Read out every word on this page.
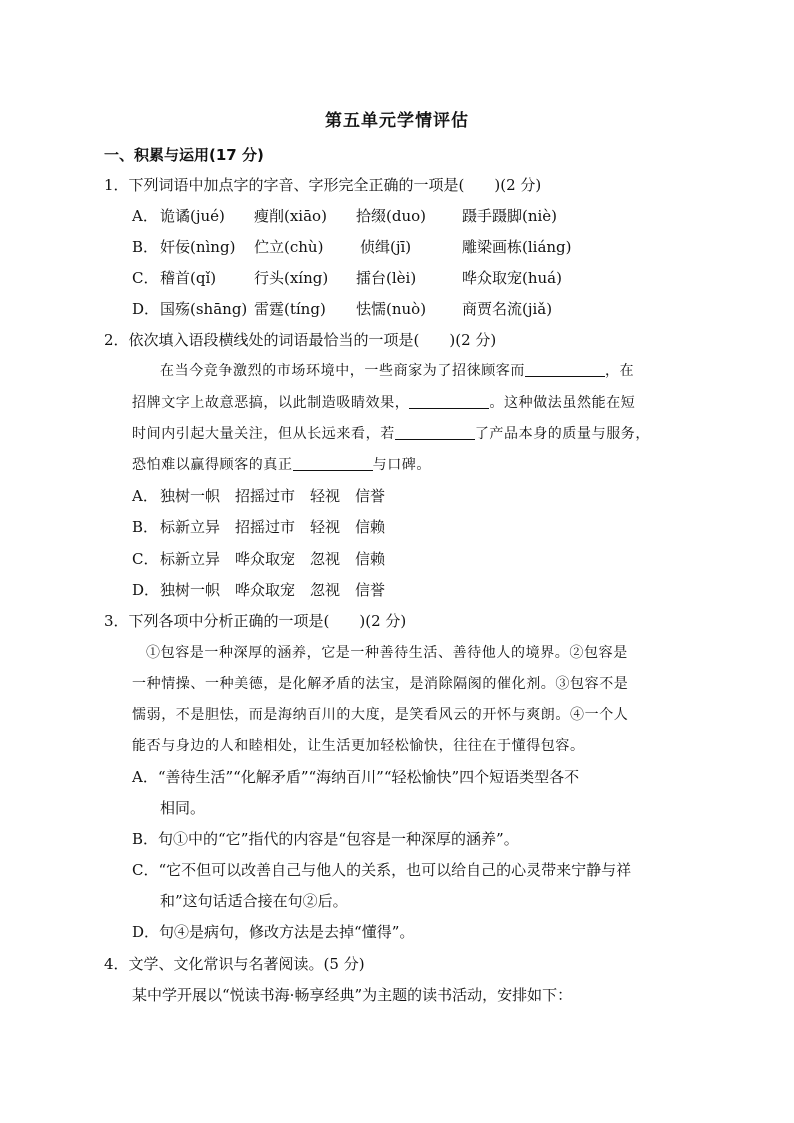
第五单元学情评估
一、积累与运用(17 分)
1．下列词语中加点字的字音、字形完全正确的一项是(　　)(2 分)
A． 诡谲(jué) 瘦削(xiāo) 拾缀(duo) 蹑手蹑脚(niè)
B． 奸佞(nìng) 伫立(chù) 侦缉(jī)	雕梁画栋(liáng)
C． 稽首(qǐ)	行头(xíng) 擂台(lèi)	哗众取宠(huá)
D．国殇(shāng) 雷霆(tíng) 怯懦(nuò) 商贾名流(jiǎ)
2．依次填入语段横线处的词语最恰当的一项是(　　)(2 分)
在当今竞争激烈的市场环境中，一些商家为了招徕顾客而	，在
招牌文字上故意恶搞，以此制造吸睛效果，	。这种做法虽然能在短
时间内引起大量关注，但从长远来看，若	了产品本身的质量与服务，
恐怕难以赢得顾客的真正	与口碑。
A． 独树一帜　招摇过市　轻视　信誉
B． 标新立异　招摇过市　轻视　信赖
C． 标新立异　哗众取宠　忽视　信赖
D．独树一帜　哗众取宠　忽视　信誉
3．下列各项中分析正确的一项是(　　)(2 分)
①包容是一种深厚的涵养，它是一种善待生活、善待他人的境界。②包容是
一种情操、一种美德，是化解矛盾的法宝，是消除隔阂的催化剂。③包容不是
懦弱，不是胆怯，而是海纳百川的大度，是笑看风云的开怀与爽朗。④一个人
能否与身边的人和睦相处，让生活更加轻松愉快，往往在于懂得包容。
A．“善待生活”“化解矛盾”“海纳百川”“轻松愉快”四个短语类型各不
相同。
B．句①中的“它”指代的内容是“包容是一种深厚的涵养”。
C．“它不但可以改善自己与他人的关系，也可以给自己的心灵带来宁静与祥
和”这句话适合接在句②后。
D．句④是病句，修改方法是去掉“懂得”。
4．文学、文化常识与名著阅读。(5 分)
某中学开展以“悦读书海·畅享经典”为主题的读书活动，安排如下：
